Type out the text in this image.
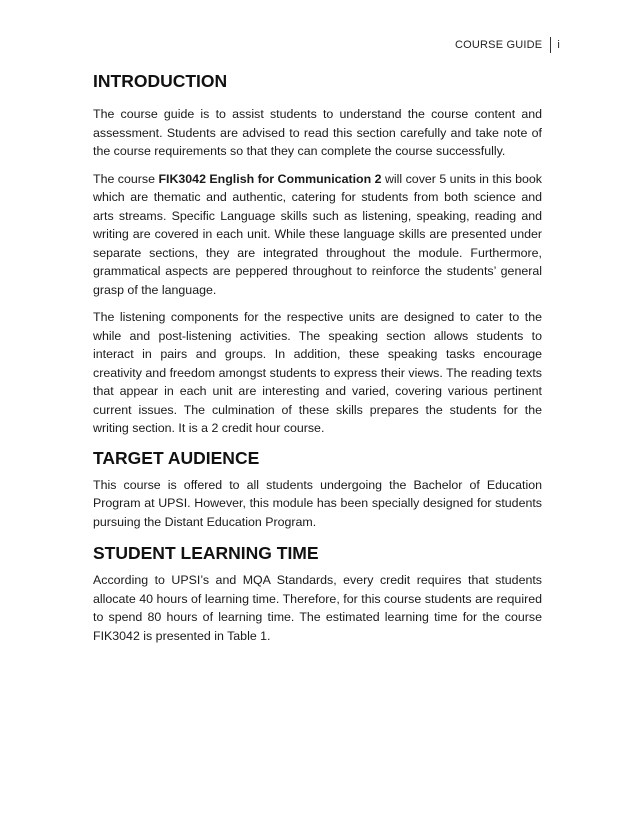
COURSE GUIDE i
INTRODUCTION

The course guide is to assist students to understand the course content and assessment. Students are advised to read this section carefully and take note of the course requirements so that they can complete the course successfully.

The course FIK3042 English for Communication 2 will cover 5 units in this book which are thematic and authentic, catering for students from both science and arts streams. Specific Language skills such as listening, speaking, reading and writing are covered in each unit. While these language skills are presented under separate sections, they are integrated throughout the module. Furthermore, grammatical aspects are peppered throughout to reinforce the students’ general grasp of the language.

The listening components for the respective units are designed to cater to the while and post-listening activities. The speaking section allows students to interact in pairs and groups. In addition, these speaking tasks encourage creativity and freedom amongst students to express their views. The reading texts that appear in each unit are interesting and varied, covering various pertinent current issues. The culmination of these skills prepares the students for the writing section. It is a 2 credit hour course.

TARGET AUDIENCE

This course is offered to all students undergoing the Bachelor of Education Program at UPSI. However, this module has been specially designed for students pursuing the Distant Education Program.

STUDENT LEARNING TIME

According to UPSI’s and MQA Standards, every credit requires that students allocate 40 hours of learning time. Therefore, for this course students are required to spend 80 hours of learning time. The estimated learning time for the course FIK3042 is presented in Table 1.
